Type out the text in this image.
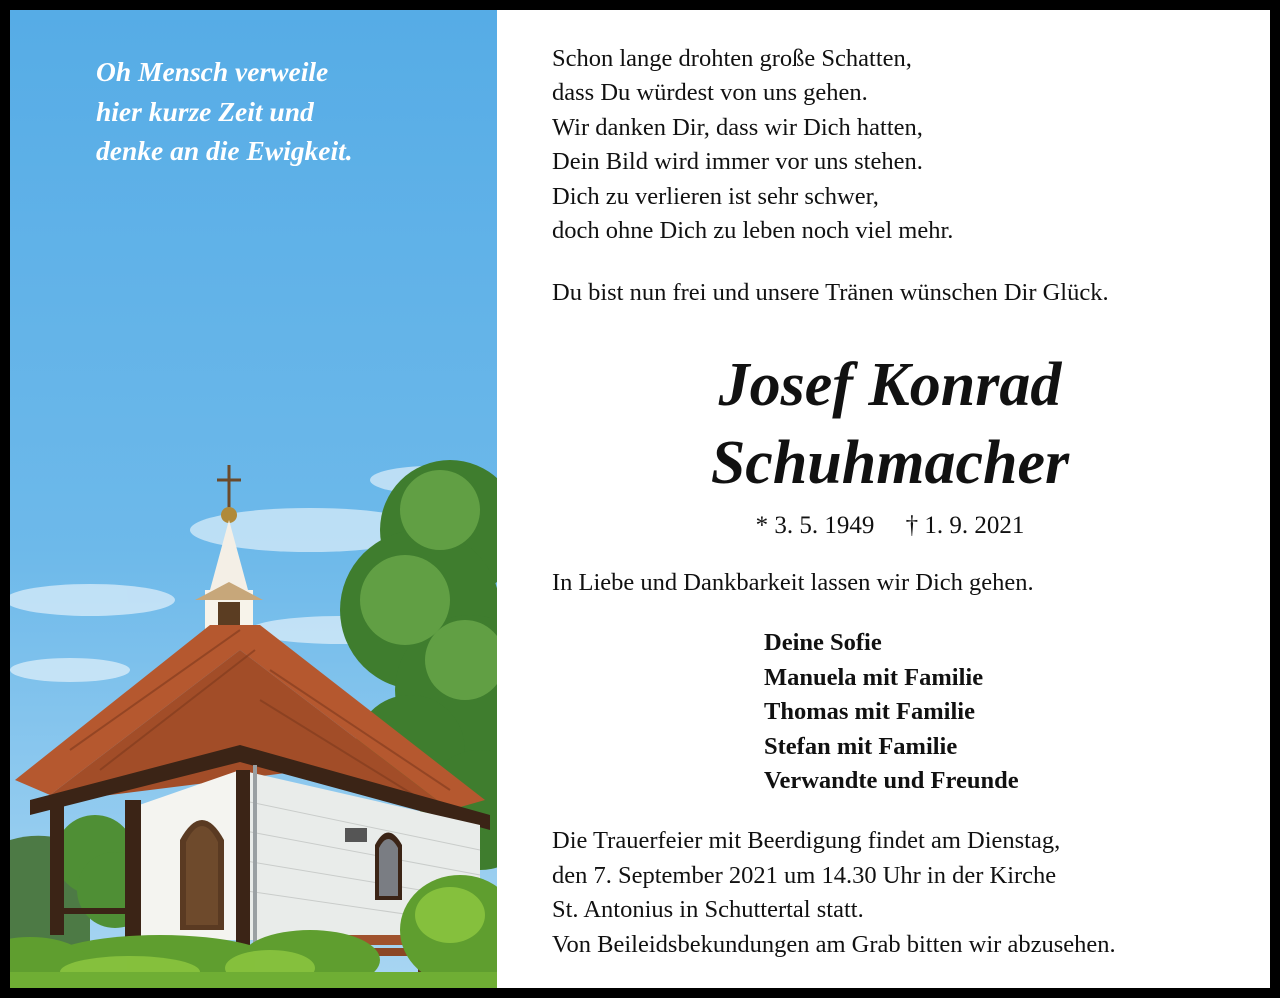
Oh Mensch verweile
hier kurze Zeit und
denke an die Ewigkeit.

Schon lange drohten große Schatten,
dass Du würdest von uns gehen.
Wir danken Dir, dass wir Dich hatten,
Dein Bild wird immer vor uns stehen.
Dich zu verlieren ist sehr schwer,
doch ohne Dich zu leben noch viel mehr.

Du bist nun frei und unsere Tränen wünschen Dir Glück.

Josef Konrad
Schuhmacher

* 3. 5. 1949 † 1. 9. 2021

In Liebe und Dankbarkeit lassen wir Dich gehen.

Deine Sofie
Manuela mit Familie
Thomas mit Familie
Stefan mit Familie
Verwandte und Freunde

Die Trauerfeier mit Beerdigung findet am Dienstag,
den 7. September 2021 um 14.30 Uhr in der Kirche
St. Antonius in Schuttertal statt.
Von Beileidsbekundungen am Grab bitten wir abzusehen.
